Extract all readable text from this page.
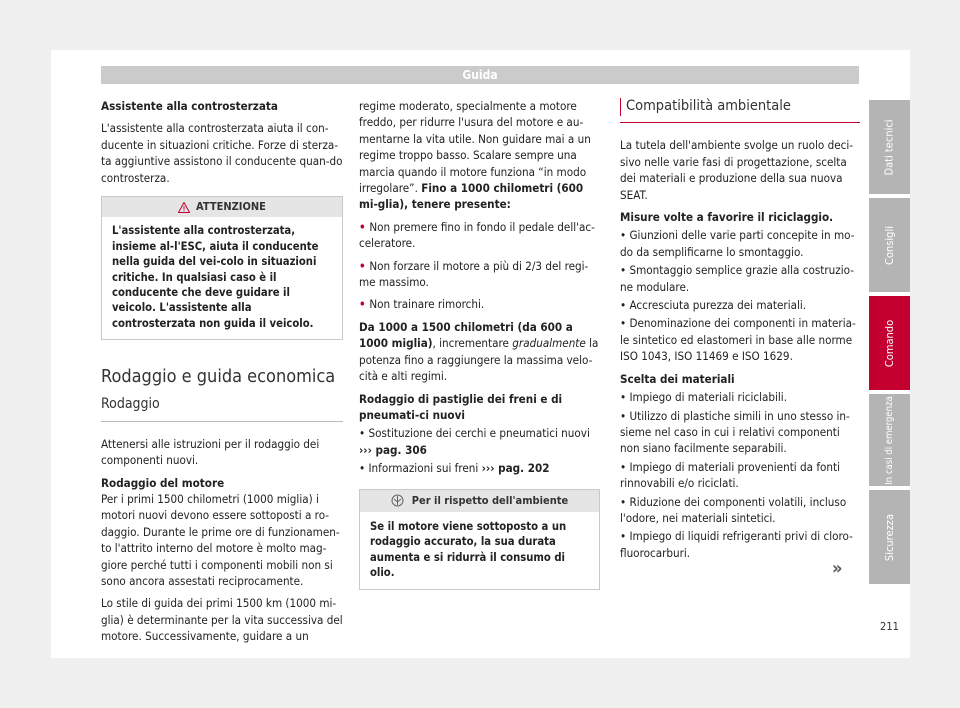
Guida

Assistente alla controsterzata

L'assistente alla controsterzata aiuta il con-ducente in situazioni critiche. Forze di sterza-ta aggiuntive assistono il conducente quan-do controsterza.

ATTENZIONE
L'assistente alla controsterzata, insieme al-l'ESC, aiuta il conducente nella guida del vei-colo in situazioni critiche. In qualsiasi caso è il conducente che deve guidare il veicolo. L'assistente alla controsterzata non guida il veicolo.
Rodaggio e guida economica
Rodaggio

Attenersi alle istruzioni per il rodaggio dei componenti nuovi.

Rodaggio del motore

Per i primi 1500 chilometri (1000 miglia) i motori nuovi devono essere sottoposti a ro-daggio. Durante le prime ore di funzionamen-to l'attrito interno del motore è molto mag-giore perché tutti i componenti mobili non si sono ancora assestati reciprocamente.

Lo stile di guida dei primi 1500 km (1000 mi-glia) è determinante per la vita successiva del motore. Successivamente, guidare a un

regime moderato, specialmente a motore freddo, per ridurre l'usura del motore e au-mentarne la vita utile. Non guidare mai a un regime troppo basso. Scalare sempre una marcia quando il motore funziona “in modo irregolare”. Fino a 1000 chilometri (600 mi-glia), tenere presente:

• Non premere fino in fondo il pedale dell'ac-celeratore.

• Non forzare il motore a più di 2/3 del regi-me massimo.

• Non trainare rimorchi.

Da 1000 a 1500 chilometri (da 600 a 1000 miglia), incrementare gradualmente la potenza fino a raggiungere la massima velo-cità e alti regimi.

Rodaggio di pastiglie dei freni e di pneumati-ci nuovi

• Sostituzione dei cerchi e pneumatici nuovi
››› pag. 306

• Informazioni sui freni ››› pag. 202

Per il rispetto dell'ambiente
Se il motore viene sottoposto a un rodaggio accurato, la sua durata aumenta e si ridurrà il consumo di olio.
Compatibilità ambientale

La tutela dell'ambiente svolge un ruolo deci-sivo nelle varie fasi di progettazione, scelta dei materiali e produzione della sua nuova SEAT.

Misure volte a favorire il riciclaggio.

• Giunzioni delle varie parti concepite in mo-do da semplificarne lo smontaggio.

• Smontaggio semplice grazie alla costruzio-ne modulare.

• Accresciuta purezza dei materiali.

• Denominazione dei componenti in materia-le sintetico ed elastomeri in base alle norme ISO 1043, ISO 11469 e ISO 1629.

Scelta dei materiali

• Impiego di materiali riciclabili.

• Utilizzo di plastiche simili in uno stesso in-sieme nel caso in cui i relativi componenti non siano facilmente separabili.

• Impiego di materiali provenienti da fonti rinnovabili e/o riciclati.

• Riduzione dei componenti volatili, incluso l'odore, nei materiali sintetici.

• Impiego di liquidi refrigeranti privi di cloro-fluorocarburi.

»
Dati tecnici
Consigli
Comando
In casi di emergenza
Sicurezza
211
